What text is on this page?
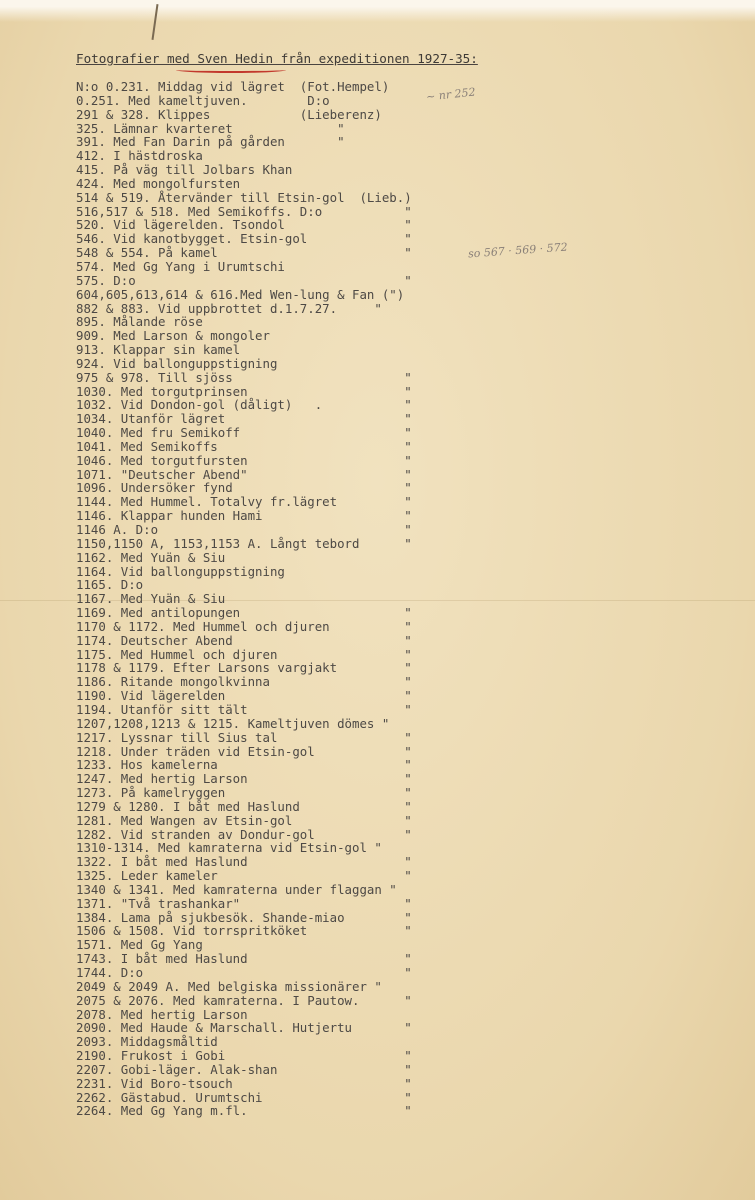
Fotografier med Sven Hedin från expeditionen 1927-35:
~ nr 252
so 567 · 569 · 572
N:o 0.231. Middag vid lägret  (Fot.Hempel)
0.251. Med kameltjuven.        D:o
291 & 328. Klippes            (Lieberenz)
325. Lämnar kvarteret              "
391. Med Fan Darin på gården       "
412. I hästdroska
415. På väg till Jolbars Khan
424. Med mongolfursten
514 & 519. Återvänder till Etsin-gol  (Lieb.)
516,517 & 518. Med Semikoffs. D:o           "
520. Vid lägerelden. Tsondol                "
546. Vid kanotbygget. Etsin-gol             "
548 & 554. På kamel                         "
574. Med Gg Yang i Urumtschi
575. D:o                                    "
604,605,613,614 & 616.Med Wen-lung & Fan (")
882 & 883. Vid uppbrottet d.1.7.27.     "
895. Målande röse
909. Med Larson & mongoler
913. Klappar sin kamel
924. Vid ballonguppstigning
975 & 978. Till sjöss                       "
1030. Med torgutprinsen                     "
1032. Vid Dondon-gol (dåligt)   .           "
1034. Utanför lägret                        "
1040. Med fru Semikoff                      "
1041. Med Semikoffs                         "
1046. Med torgutfursten                     "
1071. "Deutscher Abend"                     "
1096. Undersöker fynd                       "
1144. Med Hummel. Totalvy fr.lägret         "
1146. Klappar hunden Hami                   "
1146 A. D:o                                 "
1150,1150 A, 1153,1153 A. Långt tebord      "
1162. Med Yuän & Siu
1164. Vid ballonguppstigning
1165. D:o
1167. Med Yuän & Siu
1169. Med antilopungen                      "
1170 & 1172. Med Hummel och djuren          "
1174. Deutscher Abend                       "
1175. Med Hummel och djuren                 "
1178 & 1179. Efter Larsons vargjakt         "
1186. Ritande mongolkvinna                  "
1190. Vid lägerelden                        "
1194. Utanför sitt tält                     "
1207,1208,1213 & 1215. Kameltjuven dömes "
1217. Lyssnar till Sius tal                 "
1218. Under träden vid Etsin-gol            "
1233. Hos kamelerna                         "
1247. Med hertig Larson                     "
1273. På kamelryggen                        "
1279 & 1280. I båt med Haslund              "
1281. Med Wangen av Etsin-gol               "
1282. Vid stranden av Dondur-gol            "
1310-1314. Med kamraterna vid Etsin-gol "
1322. I båt med Haslund                     "
1325. Leder kameler                         "
1340 & 1341. Med kamraterna under flaggan "
1371. "Två trashankar"                      "
1384. Lama på sjukbesök. Shande-miao        "
1506 & 1508. Vid torrspritköket             "
1571. Med Gg Yang
1743. I båt med Haslund                     "
1744. D:o                                   "
2049 & 2049 A. Med belgiska missionärer "
2075 & 2076. Med kamraterna. I Pautow.      "
2078. Med hertig Larson
2090. Med Haude & Marschall. Hutjertu       "
2093. Middagsmåltid
2190. Frukost i Gobi                        "
2207. Gobi-läger. Alak-shan                 "
2231. Vid Boro-tsouch                       "
2262. Gästabud. Urumtschi                   "
2264. Med Gg Yang m.fl.                     "
